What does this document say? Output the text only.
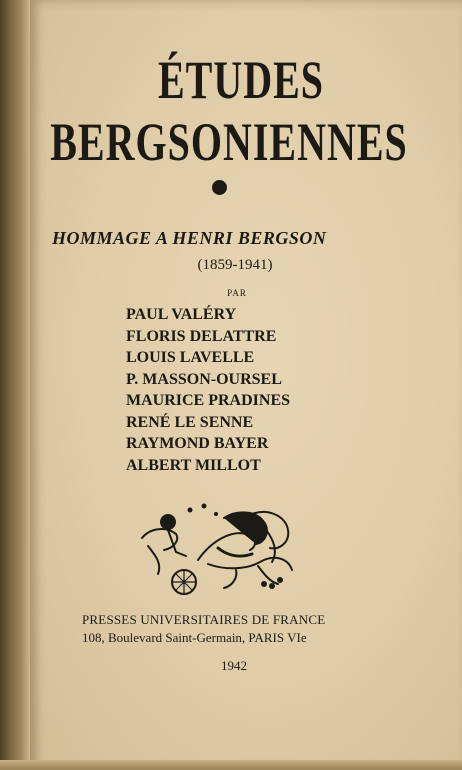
ÉTUDES
BERGSONIENNES
HOMMAGE A HENRI BERGSON
(1859-1941)
PAR
PAUL VALÉRY
FLORIS DELATTRE
LOUIS LAVELLE
P. MASSON-OURSEL
MAURICE PRADINES
RENÉ LE SENNE
RAYMOND BAYER
ALBERT MILLOT
PRESSES UNIVERSITAIRES DE FRANCE
108, Boulevard Saint-Germain, PARIS VIe
1942
